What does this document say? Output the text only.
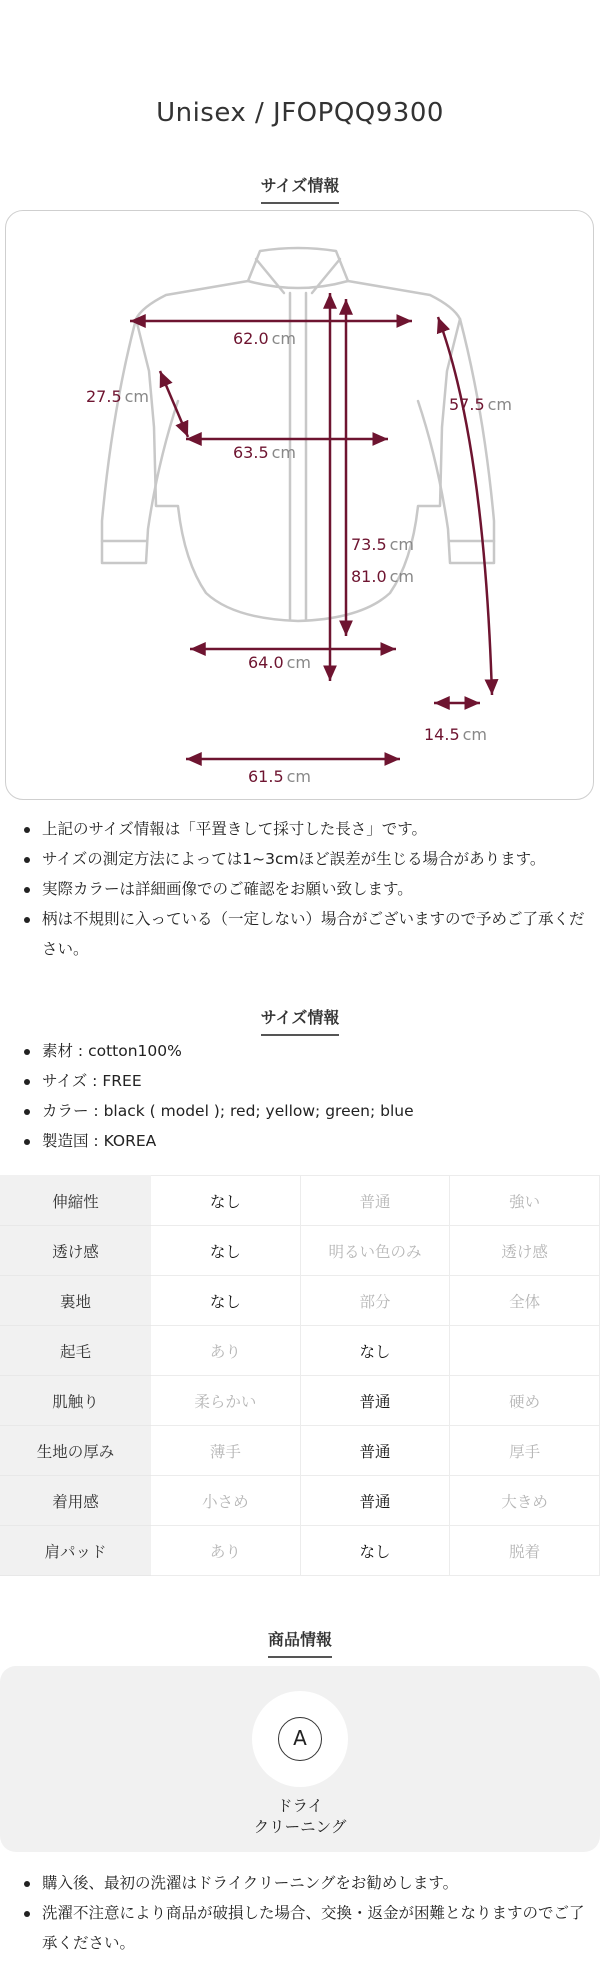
Unisex / JFOPQQ9300
サイズ情報
62.0 cm
27.5 cm	57.5 cm
63.5 cm
73.5 cm
81.0 cm
64.0 cm
14.5 cm
61.5 cm
上記のサイズ情報は「平置きして採寸した長さ」です。
サイズの測定方法によっては1~3cmほど誤差が生じる場合があります。
実際カラーは詳細画像でのご確認をお願い致します。
柄は不規則に入っている（一定しない）場合がございますので予めご了承ください。
サイズ情報
素材 : cotton100%
サイズ : FREE
カラー : black ( model ); red; yellow; green; blue
製造国 : KOREA
伸縮性	なし	普通	強い
透け感	なし	明るい色のみ	透け感
裏地	なし	部分	全体
起毛	あり	なし	
肌触り	柔らかい	普通	硬め
生地の厚み	薄手	普通	厚手
着用感	小さめ	普通	大きめ
肩パッド	あり	なし	脱着
商品情報
A
ドライ
クリーニング
購入後、最初の洗濯はドライクリーニングをお勧めします。
洗濯不注意により商品が破損した場合、交換・返金が困難となりますのでご了承ください。
